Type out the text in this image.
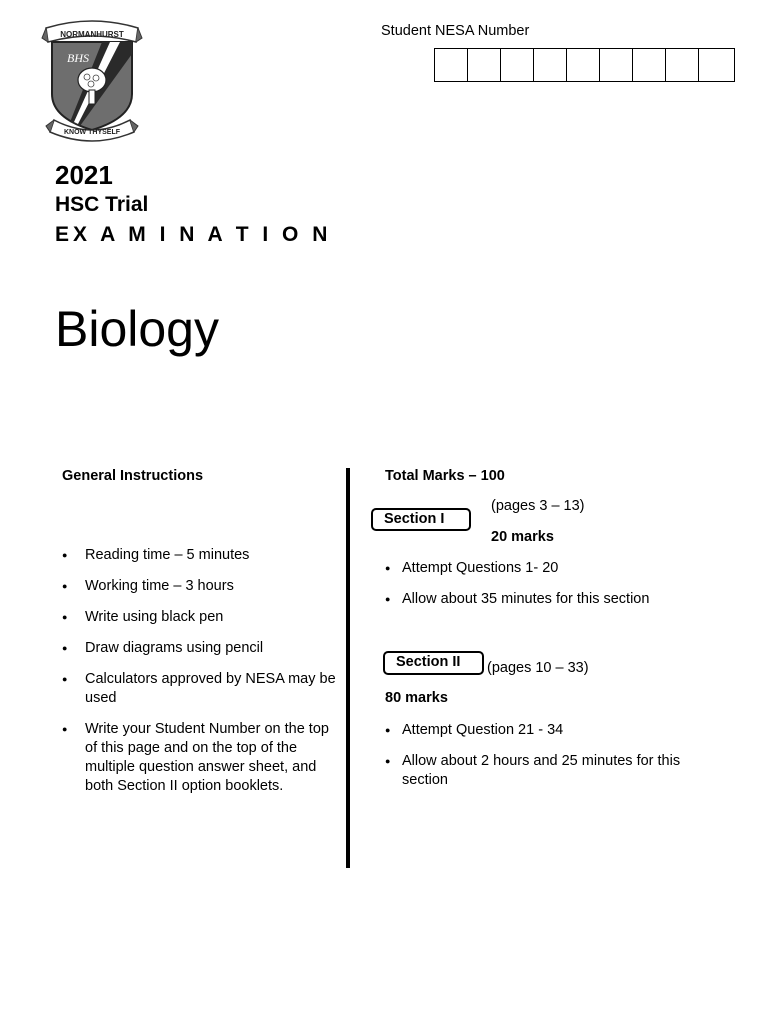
NORMANHURST
BHS
KNOW THYSELF
Student NESA Number
2021
HSC Trial
EX A M I N A T I O N
Biology
General Instructions
● Reading time – 5 minutes
● Working time – 3 hours
● Write using black pen
● Draw diagrams using pencil
● Calculators approved by NESA may be used
● Write your Student Number on the top of this page and on the top of the multiple question answer sheet, and both Section II option booklets.
Total Marks – 100
Section I
(pages 3 – 13)
20 marks
● Attempt Questions 1- 20
● Allow about 35 minutes for this section
Section II	(pages 10 – 33)
80 marks
● Attempt Question 21 - 34
● Allow about 2 hours and 25 minutes for this section
